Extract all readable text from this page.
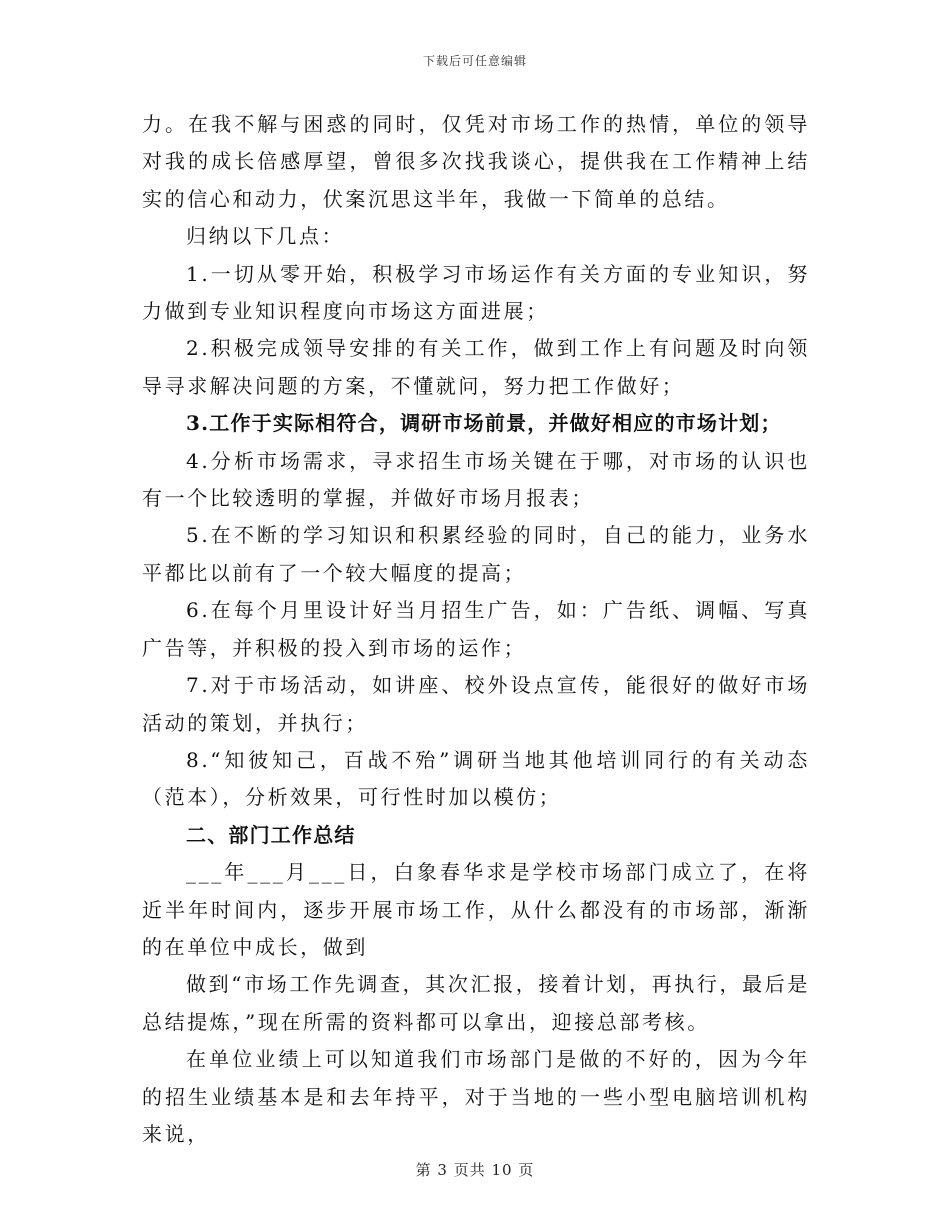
下载后可任意编辑

力。在我不解与困惑的同时，仅凭对市场工作的热情，单位的领导对我的成长倍感厚望，曾很多次找我谈心，提供我在工作精神上结实的信心和动力，伏案沉思这半年，我做一下简单的总结。

归纳以下几点：

1.一切从零开始，积极学习市场运作有关方面的专业知识，努力做到专业知识程度向市场这方面进展；

2.积极完成领导安排的有关工作，做到工作上有问题及时向领导寻求解决问题的方案，不懂就问，努力把工作做好；

3.工作于实际相符合，调研市场前景，并做好相应的市场计划；

4.分析市场需求，寻求招生市场关键在于哪，对市场的认识也有一个比较透明的掌握，并做好市场月报表；

5.在不断的学习知识和积累经验的同时，自己的能力，业务水平都比以前有了一个较大幅度的提高；

6.在每个月里设计好当月招生广告，如：广告纸、调幅、写真广告等，并积极的投入到市场的运作；

7.对于市场活动，如讲座、校外设点宣传，能很好的做好市场活动的策划，并执行；

8.“知彼知己，百战不殆”调研当地其他培训同行的有关动态（范本），分析效果，可行性时加以模仿；

二、部门工作总结

___年___月___日，白象春华求是学校市场部门成立了，在将近半年时间内，逐步开展市场工作，从什么都没有的市场部，渐渐的在单位中成长，做到

做到“市场工作先调查，其次汇报，接着计划，再执行，最后是总结提炼，”现在所需的资料都可以拿出，迎接总部考核。

在单位业绩上可以知道我们市场部门是做的不好的，因为今年的招生业绩基本是和去年持平，对于当地的一些小型电脑培训机构来说，

第 3 页共 10 页
